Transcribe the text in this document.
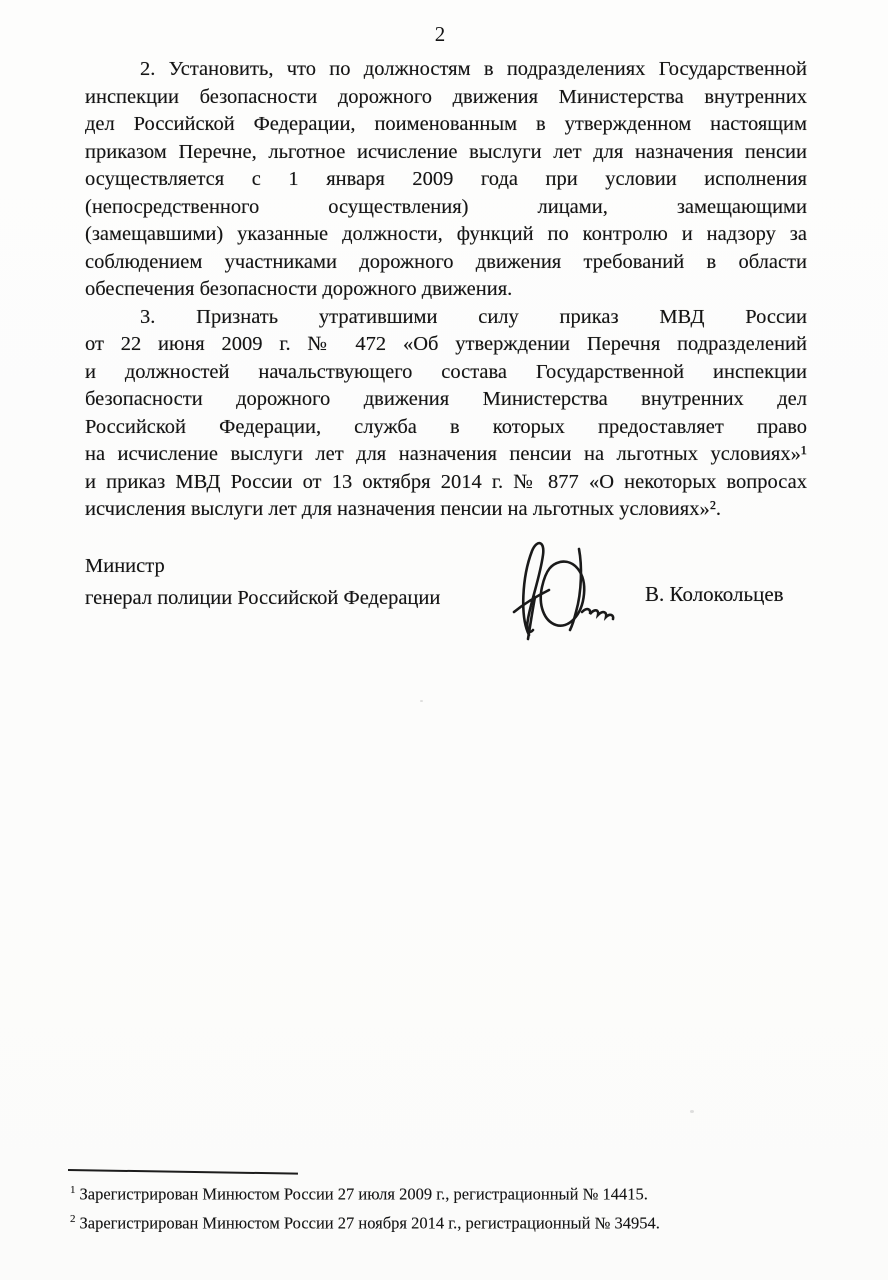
2
2. Установить, что по должностям в подразделениях Государственной
инспекции безопасности дорожного движения Министерства внутренних
дел Российской Федерации, поименованным в утвержденном настоящим
приказом Перечне, льготное исчисление выслуги лет для назначения пенсии
осуществляется с 1 января 2009 года при условии исполнения
(непосредственного осуществления) лицами, замещающими
(замещавшими) указанные должности, функций по контролю и надзору за
соблюдением участниками дорожного движения требований в области
обеспечения безопасности дорожного движения.
3. Признать утратившими силу приказ МВД России
от 22 июня 2009 г. № 472 «Об утверждении Перечня подразделений
и должностей начальствующего состава Государственной инспекции
безопасности дорожного движения Министерства внутренних дел
Российской Федерации, служба в которых предоставляет право
на исчисление выслуги лет для назначения пенсии на льготных условиях»¹
и приказ МВД России от 13 октября 2014 г. № 877 «О некоторых вопросах
исчисления выслуги лет для назначения пенсии на льготных условиях»².
Министр
генерал полиции Российской Федерации	В. Колокольцев
$^1$ Зарегистрирован Минюстом России 27 июля 2009 г., регистрационный № 14415.
$^2$ Зарегистрирован Минюстом России 27 ноября 2014 г., регистрационный № 34954.
